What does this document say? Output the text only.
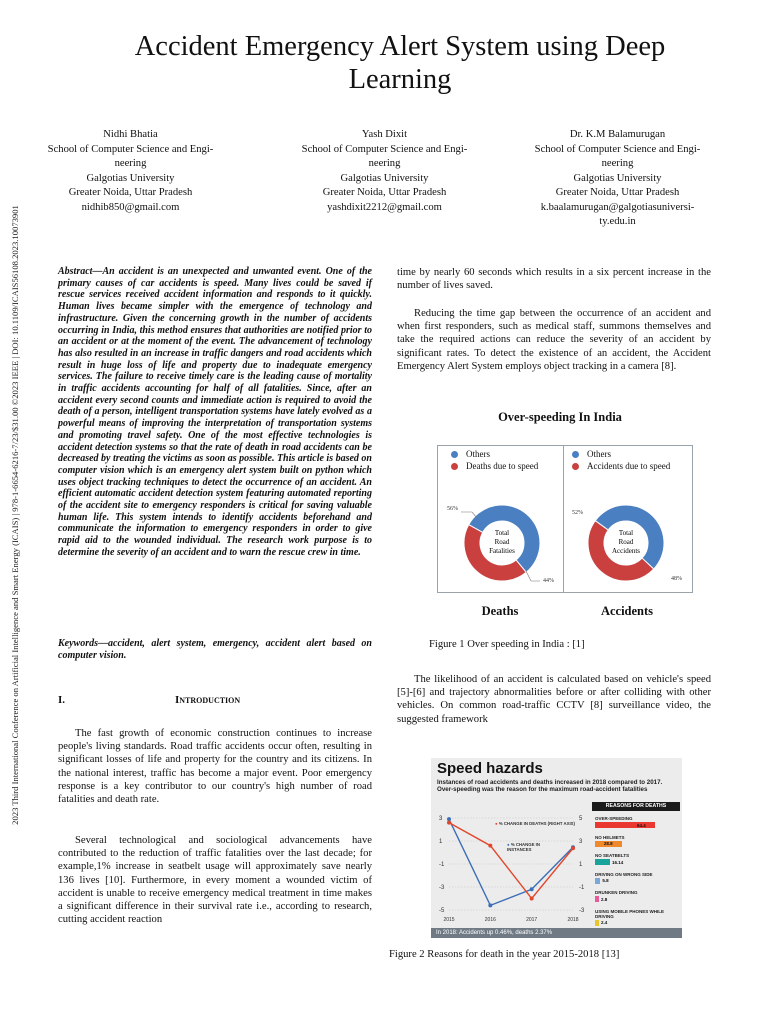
2023 Third International Conference on Artificial Intelligence and Smart Energy (ICAIS) | 978-1-6654-6216-7/23/$31.00 ©2023 IEEE | DOI: 10.1109/ICAIS56108.2023.10073901
Accident Emergency Alert System using Deep Learning
Nidhi Bhatia
School of Computer Science and Engi-
neering
Galgotias University
Greater Noida, Uttar Pradesh
nidhib850@gmail.com
Yash Dixit
School of Computer Science and Engi-
neering
Galgotias University
Greater Noida, Uttar Pradesh
yashdixit2212@gmail.com
Dr. K.M Balamurugan
School of Computer Science and Engi-
neering
Galgotias University
Greater Noida, Uttar Pradesh
k.baalamurugan@galgotiasuniversi-
ty.edu.in

Abstract—An accident is an unexpected and unwanted event. One of the primary causes of car accidents is speed. Many lives could be saved if rescue services received accident information and responds to it quickly. Human lives became simpler with the emergence of technology and infrastructure. Given the concerning growth in the number of accidents occurring in India, this method ensures that authorities are notified prior to an accident or at the moment of the event. The advancement of technology has also resulted in an increase in traffic dangers and road accidents which result in huge loss of life and property due to inadequate emergency services. The failure to receive timely care is the leading cause of mortality in traffic accidents accounting for half of all fatalities. Since, after an accident every second counts and immediate action is required to avoid the death of a person, intelligent transportation systems have lately evolved as a powerful means of improving the interpretation of transportation systems and promoting travel safety. One of the most effective technologies is accident detection systems so that the rate of death in road accidents can be decreased by treating the victims as soon as possible. This article is based on computer vision which is an emergency alert system built on python which uses object tracking techniques to detect the occurrence of an accident. An efficient automatic accident detection system featuring automated reporting of the accident site to emergency responders is critical for saving valuable human life. This system intends to identify accidents beforehand and communicate the information to emergency responders in order to give rapid aid to the wounded individual. The research work purpose is to determine the severity of an accident and to warn the rescue crew in time.

Keywords—accident, alert system, emergency, accident alert based on computer vision.
I.	Introduction

The fast growth of economic construction continues to increase people's living standards. Road traffic accidents occur often, resulting in significant losses of life and property for the country and its citizens. In the national interest, traffic has become a major event. Poor emergency response is a key contributor to our country's high number of road fatalities and death rate.

Several technological and sociological advancements have contributed to the reduction of traffic fatalities over the last decade; for example,1% increase in seatbelt usage will approximately save nearly 136 lives [10]. Furthermore, in every moment a wounded victim of accident is unable to receive emergency medical treatment in time makes a significant difference in their survival rate i.e., according to research, cutting accident reaction

time by nearly 60 seconds which results in a six percent increase in the number of lives saved.

Reducing the time gap between the occurrence of an accident and when first responders, such as medical staff, summons themselves and take the required actions can reduce the severity of an accident by significant rates. To detect the existence of an accident, the Accident Emergency Alert System employs object tracking in a camera [8].

Over-speeding In India
Others
Deaths due to speed
Others
Accidents due to speed
Total
Road
Fatalities
Total
Road
Accidents
56%
44%
52%
48%
Deaths	Accidents
Figure 1 Over speeding in India : [1]

The likelihood of an accident is calculated based on vehicle's speed [5]-[6] and trajectory abnormalities before or after colliding with other vehicles. On common road-traffic CCTV [8] surveillance video, the suggested framework

Speed hazards
Instances of road accidents and deaths increased in 2018 compared to 2017. Over-speeding was the reason for the maximum road-accident fatalities
3	5
1	3
-1	1
-3	-1
-5	-3
2015	2016	2017	2018
● % CHANGE IN DEATHS (RIGHT AXIS)
● % CHANGE IN INSTANCES
REASONS FOR DEATHS
OVER-SPEEDING
64.4
NO HELMETS
28.8
NO SEATBELTS
16.14
DRIVING ON WRONG SIDE
5.8
DRUNKEN DRIVING
2.8
USING MOBILE PHONES WHILE DRIVING
2.4
In 2018: Accidents up 0.46%, deaths 2.37%
Figure 2 Reasons for death in the year 2015-2018 [13]
